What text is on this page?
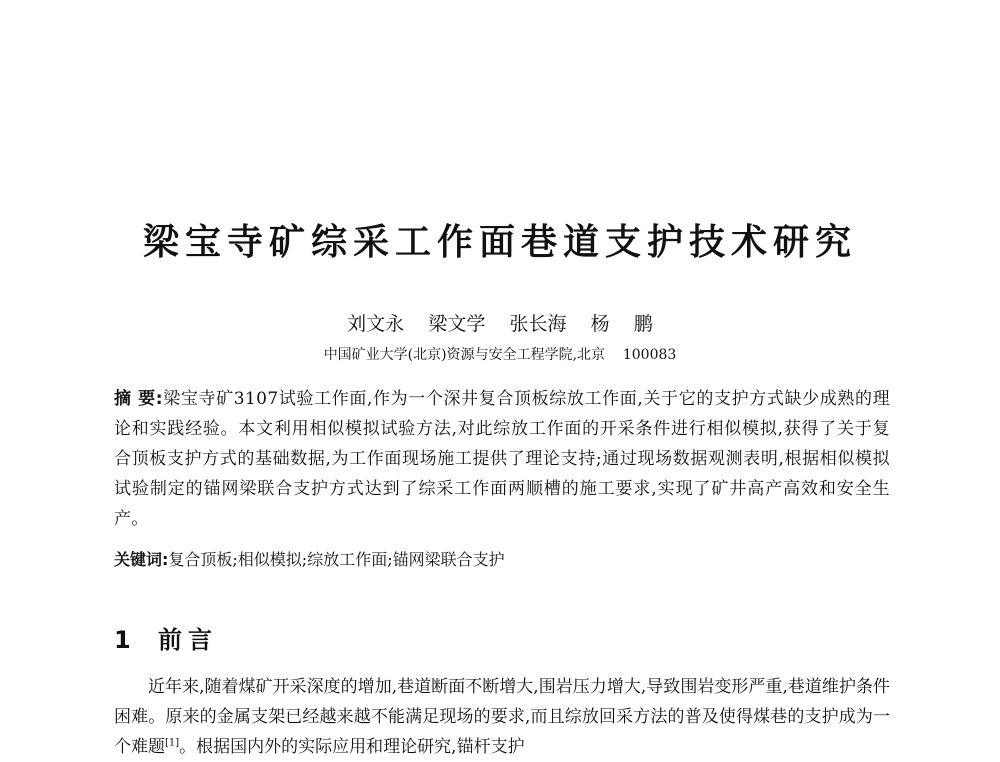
梁宝寺矿综采工作面巷道支护技术研究
刘文永    梁文学    张长海    杨    鹏
中国矿业大学(北京)资源与安全工程学院,北京    100083
摘 要:梁宝寺矿3107试验工作面,作为一个深井复合顶板综放工作面,关于它的支护方式缺少成熟的理论和实践经验。本文利用相似模拟试验方法,对此综放工作面的开采条件进行相似模拟,获得了关于复合顶板支护方式的基础数据,为工作面现场施工提供了理论支持;通过现场数据观测表明,根据相似模拟试验制定的锚网梁联合支护方式达到了综采工作面两顺槽的施工要求,实现了矿井高产高效和安全生产。
关键词:复合顶板;相似模拟;综放工作面;锚网梁联合支护
1 前言
近年来,随着煤矿开采深度的增加,巷道断面不断增大,围岩压力增大,导致围岩变形严重,巷道维护条件困难。原来的金属支架已经越来越不能满足现场的要求,而且综放回采方法的普及使得煤巷的支护成为一个难题[1]。根据国内外的实际应用和理论研究,锚杆支护
